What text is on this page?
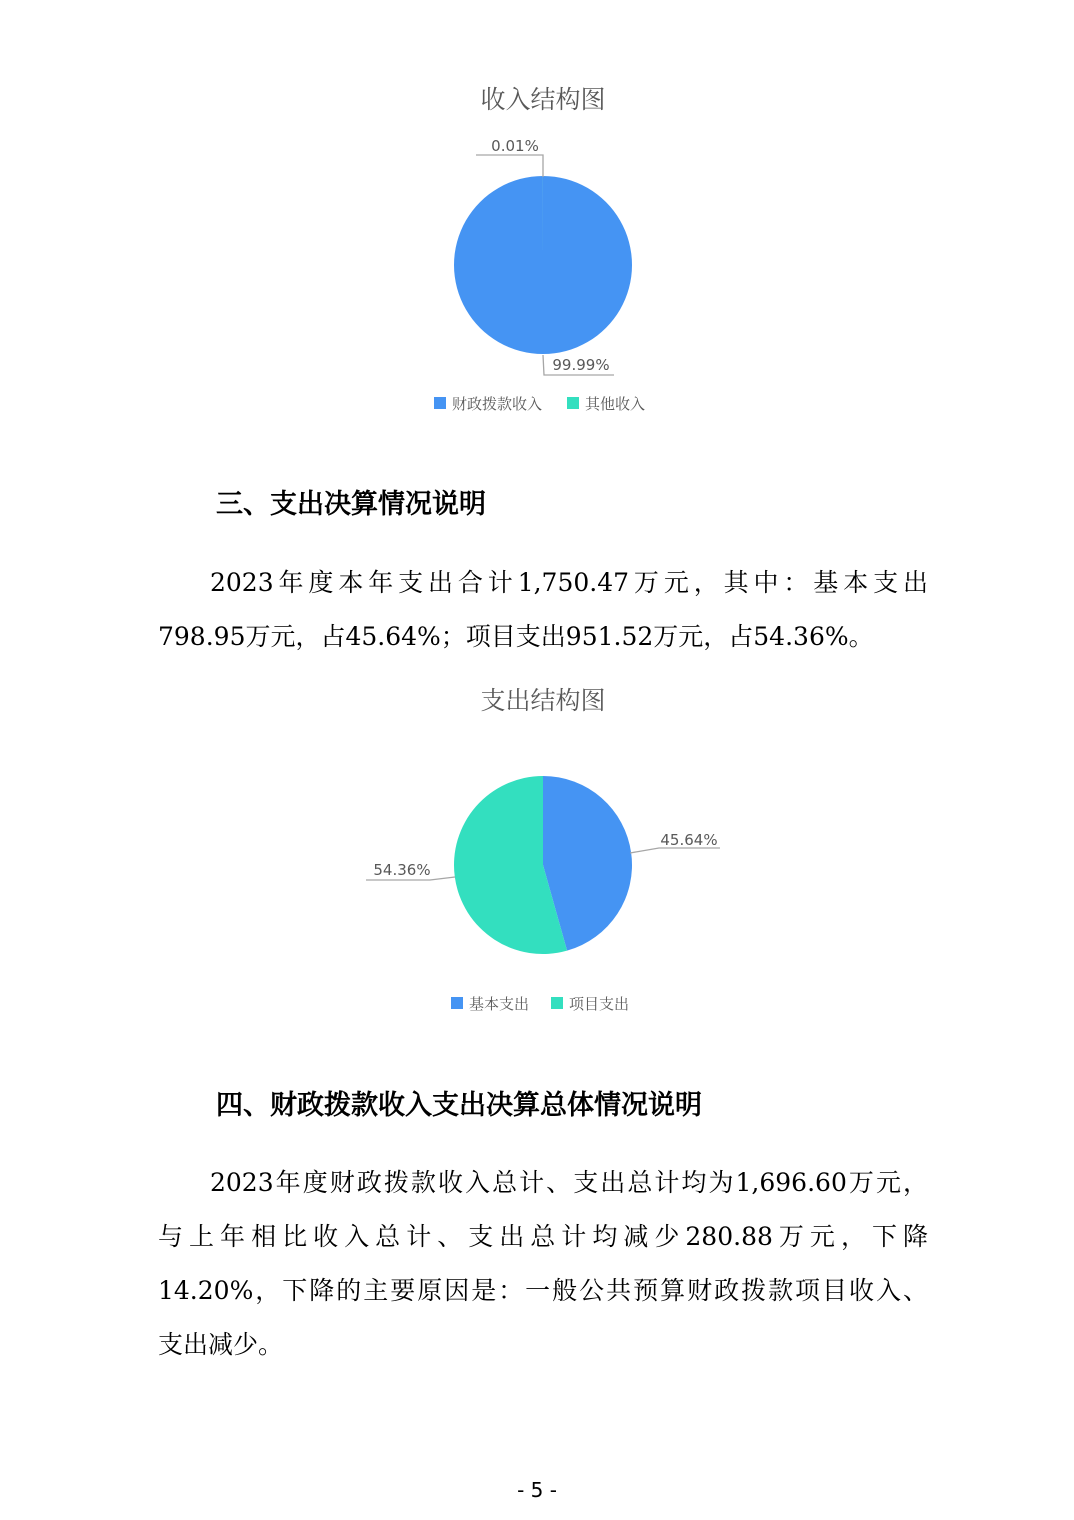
收入结构图
0.01%
99.99%
财政拨款收入	其他收入
三、支出决算情况说明
2023年度本年支出合计1,750.47万元，其中：基本支出
798.95万元，占45.64%；项目支出951.52万元，占54.36%。
支出结构图
45.64%
54.36%
基本支出	项目支出
四、财政拨款收入支出决算总体情况说明
2023年度财政拨款收入总计、支出总计均为1,696.60万元，
与上年相比收入总计、支出总计均减少280.88万元，下降
14.20%，下降的主要原因是：一般公共预算财政拨款项目收入、
支出减少。
- 5 -
